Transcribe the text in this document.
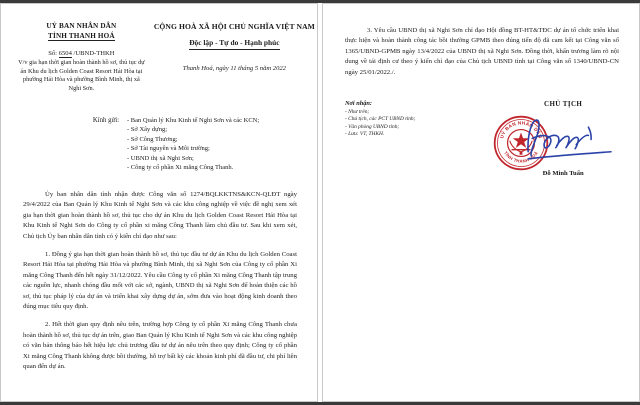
UỶ BAN NHÂN DÂN
TỈNH THANH HOÁ
Số: 6504 /UBND-THKH
V/v gia hạn thời gian hoàn thành hồ sơ, thủ tục dự án Khu du lịch Golden Coast Resort Hải Hòa tại phường Hải Hòa và phường Bình Minh, thị xã Nghi Sơn.
CỘNG HOÀ XÃ HỘI CHỦ NGHĨA VIỆT NAM
Độc lập - Tự do - Hạnh phúc
Thanh Hoá, ngày 11 tháng 5 năm 2022
Kính gửi:	- Ban Quản lý Khu Kinh tế Nghi Sơn và các KCN;
- Sở Xây dựng;
- Sở Công Thương;
- Sở Tài nguyên và Môi trường;
- UBND thị xã Nghi Sơn;
- Công ty cổ phần Xi măng Công Thanh.

Ủy ban nhân dân tỉnh nhận được Công văn số 1274/BQLKKTNS&KCN-QLĐT ngày 29/4/2022 của Ban Quản lý Khu Kinh tế Nghi Sơn và các khu công nghiệp về việc đề nghị xem xét gia hạn thời gian hoàn thành hồ sơ, thủ tục cho dự án Khu du lịch Golden Coast Resort Hải Hòa tại Khu Kinh tế Nghi Sơn do Công ty cổ phần xi măng Công Thanh làm chủ đầu tư. Sau khi xem xét, Chủ tịch Ủy ban nhân dân tỉnh có ý kiến chỉ đạo như sau:

1. Đồng ý gia hạn thời gian hoàn thành hồ sơ, thủ tục đầu tư dự án Khu du lịch Golden Coast Resort Hải Hòa tại phường Hải Hòa và phường Bình Minh, thị xã Nghi Sơn của Công ty cổ phần Xi măng Công Thanh đến hết ngày 31/12/2022. Yêu cầu Công ty cổ phần Xi măng Công Thanh tập trung các nguồn lực, nhanh chóng đầu mối với các sở, ngành, UBND thị xã Nghi Sơn để hoàn thiện các hồ sơ, thủ tục pháp lý của dự án và triển khai xây dựng dự án, sớm đưa vào hoạt động kinh doanh theo đúng mục tiêu quy định.

2. Hết thời gian quy định nêu trên, trường hợp Công ty cổ phần Xi măng Công Thanh chưa hoàn thành hồ sơ, thủ tục dự án trên, giao Ban Quản lý Khu Kinh tế Nghi Sơn và các khu công nghiệp có văn bản thông báo hết hiệu lực chủ trương đầu tư dự án nêu trên theo quy định; Công ty cổ phần Xi măng Công Thanh không được bồi thường, hỗ trợ bất kỳ các khoản kinh phí đã đầu tư, chi phí liên quan đến dự án.

3. Yêu cầu UBND thị xã Nghi Sơn chỉ đạo Hội đồng BT-HT&TĐC dự án tổ chức triển khai thực hiện và hoàn thành công tác bồi thường GPMB theo đúng tiến độ đã cam kết tại Công văn số 1365/UBND-GPMB ngày 13/4/2022 của UBND thị xã Nghi Sơn. Đồng thời, khẩn trương làm rõ nội dung về tái định cư theo ý kiến chỉ đạo của Chủ tịch UBND tỉnh tại Công văn số 1340/UBND-CN ngày 25/01/2022./.

Nơi nhận:
- Như trên;
- Chủ tịch, các PCT UBND tỉnh;
- Văn phòng UBND tỉnh;
- Lưu: VT, THKH.
CHỦ TỊCH
UỶ BAN NHÂN DÂN
TỈNH THANH HOÁ
Đỗ Minh Tuấn
